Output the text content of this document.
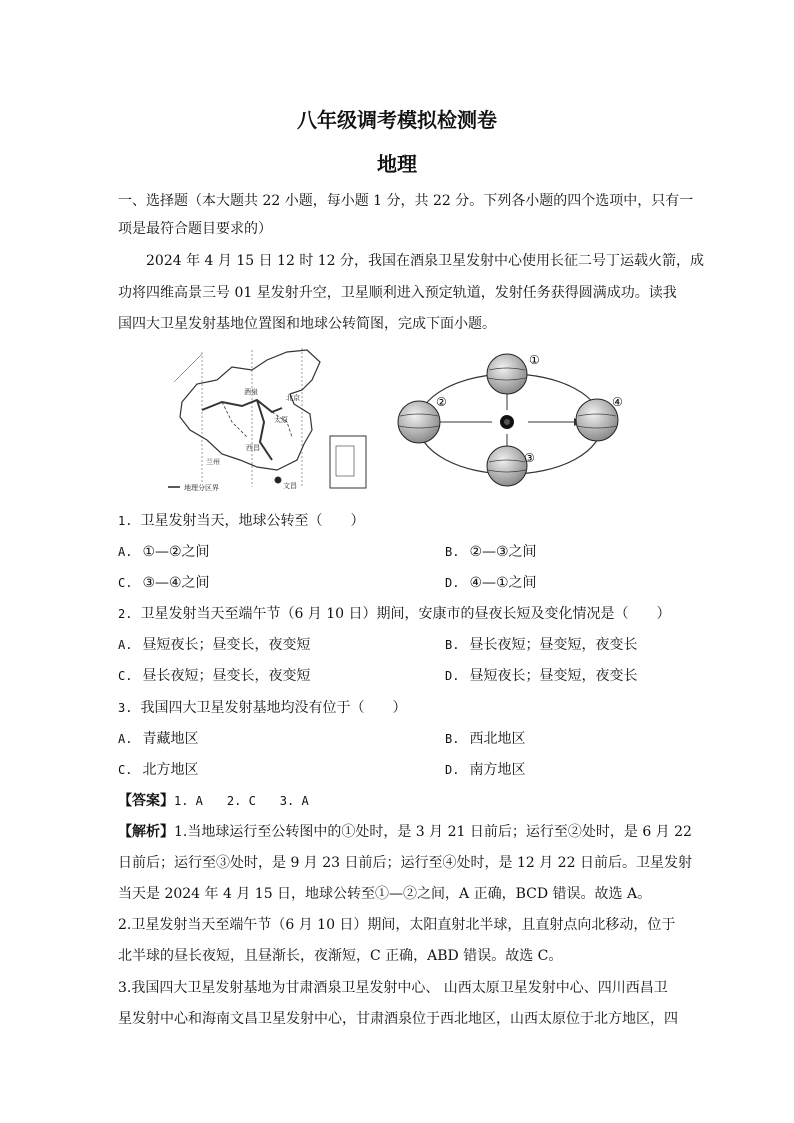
八年级调考模拟检测卷
地理
一、选择题（本大题共 22 小题，每小题 1 分，共 22 分。下列各小题的四个选项中，只有一
项是最符合题目要求的）
2024 年 4 月 15 日 12 时 12 分，我国在酒泉卫星发射中心使用长征二号丁运载火箭，成
功将四维高景三号 01 星发射升空，卫星顺利进入预定轨道，发射任务获得圆满成功。读我
国四大卫星发射基地位置图和地球公转简图，完成下面小题。
酒泉
太原
西昌
文昌
北京
兰州
地理分区界
①
②
③
④
1. 卫星发射当天，地球公转至（　　）
A. ①—②之间	B. ②—③之间
C. ③—④之间	D. ④—①之间
2. 卫星发射当天至端午节（6 月 10 日）期间，安康市的昼夜长短及变化情况是（　　）
A. 昼短夜长；昼变长，夜变短	B. 昼长夜短；昼变短，夜变长
C. 昼长夜短；昼变长，夜变短	D. 昼短夜长；昼变短，夜变长
3. 我国四大卫星发射基地均没有位于（　　）
A. 青藏地区	B. 西北地区
C. 北方地区	D. 南方地区
【答案】1. A　　2. C　　3. A
【解析】1.当地球运行至公转图中的①处时，是 3 月 21 日前后；运行至②处时，是 6 月 22
日前后；运行至③处时，是 9 月 23 日前后；运行至④处时，是 12 月 22 日前后。卫星发射
当天是 2024 年 4 月 15 日，地球公转至①—②之间，A 正确，BCD 错误。故选 A。
2.卫星发射当天至端午节（6 月 10 日）期间，太阳直射北半球，且直射点向北移动，位于
北半球的昼长夜短，且昼渐长，夜渐短，C 正确，ABD 错误。故选 C。
3.我国四大卫星发射基地为甘肃酒泉卫星发射中心、 山西太原卫星发射中心、四川西昌卫
星发射中心和海南文昌卫星发射中心，甘肃酒泉位于西北地区，山西太原位于北方地区，四
